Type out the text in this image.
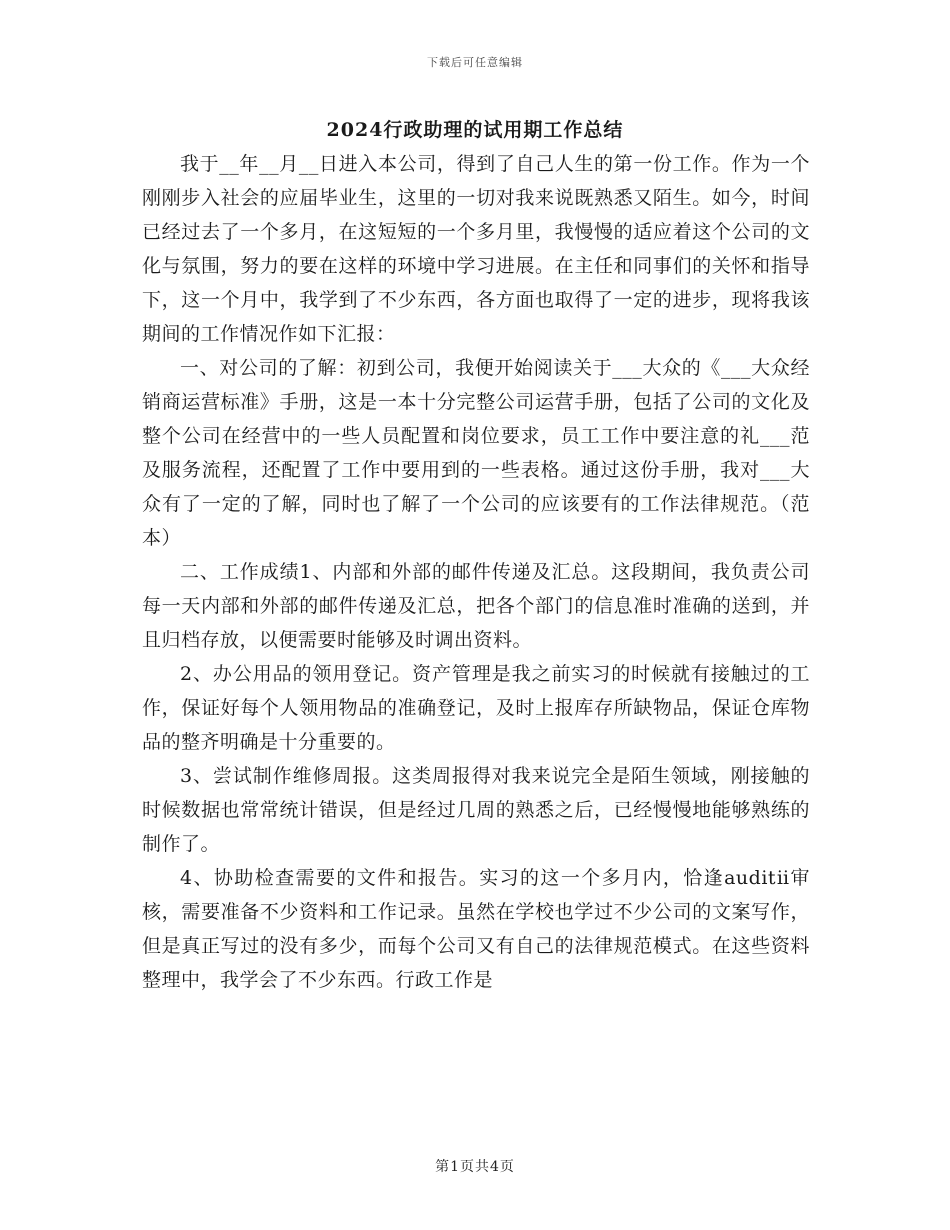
下载后可任意编辑
2024行政助理的试用期工作总结

我于__年__月__日进入本公司，得到了自己人生的第一份工作。作为一个刚刚步入社会的应届毕业生，这里的一切对我来说既熟悉又陌生。如今，时间已经过去了一个多月，在这短短的一个多月里，我慢慢的适应着这个公司的文化与氛围，努力的要在这样的环境中学习进展。在主任和同事们的关怀和指导下，这一个月中，我学到了不少东西，各方面也取得了一定的进步，现将我该期间的工作情况作如下汇报：

一、对公司的了解：初到公司，我便开始阅读关于___大众的《___大众经销商运营标准》手册，这是一本十分完整公司运营手册，包括了公司的文化及整个公司在经营中的一些人员配置和岗位要求，员工工作中要注意的礼___范及服务流程，还配置了工作中要用到的一些表格。通过这份手册，我对___大众有了一定的了解，同时也了解了一个公司的应该要有的工作法律规范。（范本）

二、工作成绩1、内部和外部的邮件传递及汇总。这段期间，我负责公司每一天内部和外部的邮件传递及汇总，把各个部门的信息准时准确的送到，并且归档存放，以便需要时能够及时调出资料。

2、办公用品的领用登记。资产管理是我之前实习的时候就有接触过的工作，保证好每个人领用物品的准确登记，及时上报库存所缺物品，保证仓库物品的整齐明确是十分重要的。

3、尝试制作维修周报。这类周报得对我来说完全是陌生领域，刚接触的时候数据也常常统计错误，但是经过几周的熟悉之后，已经慢慢地能够熟练的制作了。

4、协助检查需要的文件和报告。实习的这一个多月内，恰逢auditⅱ审核，需要准备不少资料和工作记录。虽然在学校也学过不少公司的文案写作，但是真正写过的没有多少，而每个公司又有自己的法律规范模式。在这些资料整理中，我学会了不少东西。行政工作是

第1页共4页
